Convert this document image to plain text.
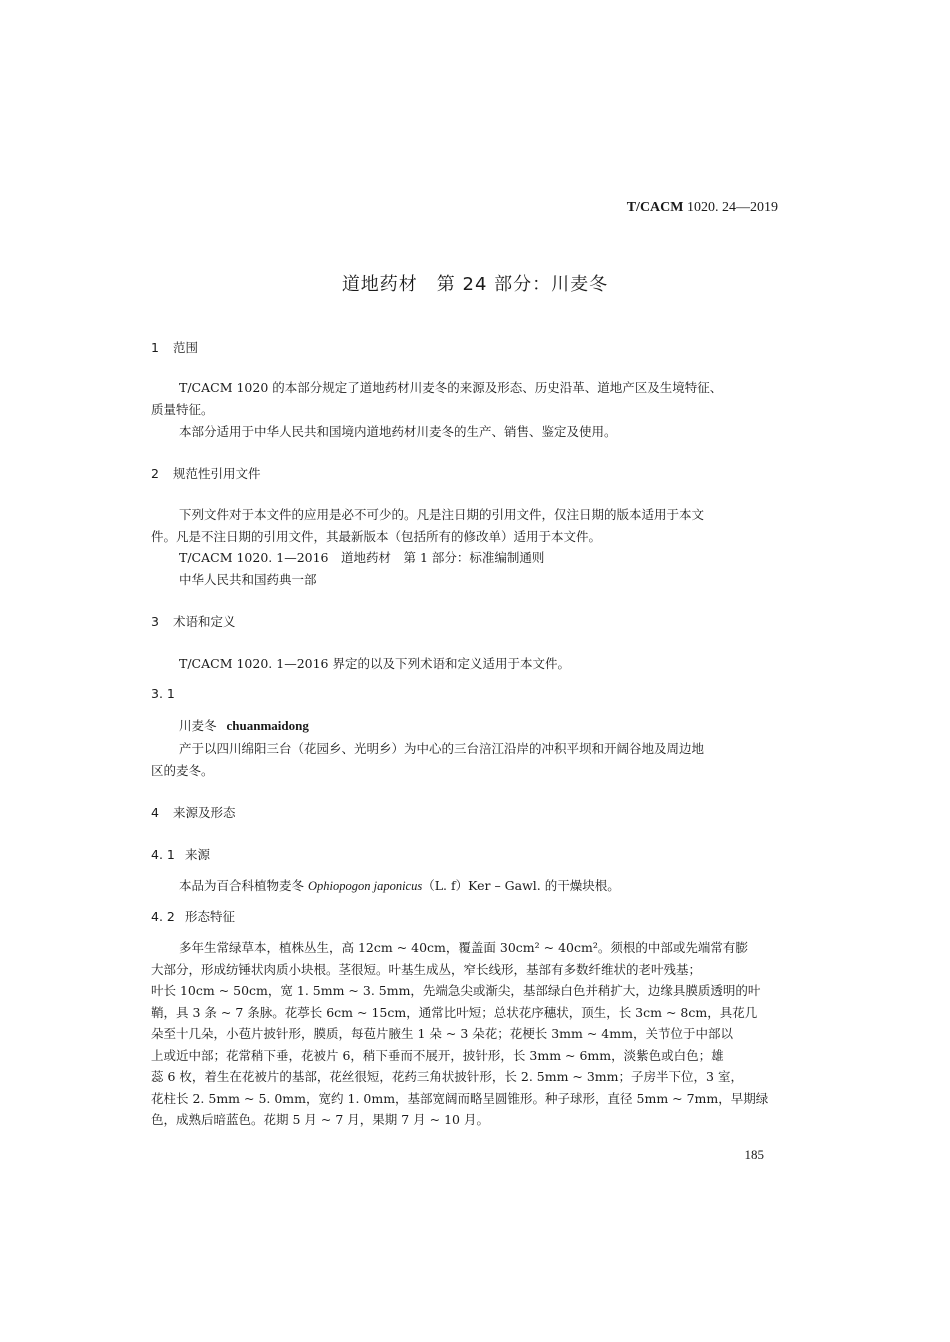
T/CACM 1020. 24—2019
道地药材　第 24 部分：川麦冬
1 范围
T/CACM 1020 的本部分规定了道地药材川麦冬的来源及形态、历史沿革、道地产区及生境特征、
质量特征。
本部分适用于中华人民共和国境内道地药材川麦冬的生产、销售、鉴定及使用。
2 规范性引用文件
下列文件对于本文件的应用是必不可少的。凡是注日期的引用文件，仅注日期的版本适用于本文
件。凡是不注日期的引用文件，其最新版本（包括所有的修改单）适用于本文件。
T/CACM 1020. 1—2016　道地药材　第 1 部分：标准编制通则
中华人民共和国药典一部
3 术语和定义
T/CACM 1020. 1—2016 界定的以及下列术语和定义适用于本文件。
3. 1
川麦冬 chuanmaidong
产于以四川绵阳三台（花园乡、光明乡）为中心的三台涪江沿岸的冲积平坝和开阔谷地及周边地
区的麦冬。
4 来源及形态
4. 1 来源
本品为百合科植物麦冬 Ophiopogon japonicus（L. f）Ker – Gawl. 的干燥块根。
4. 2 形态特征
多年生常绿草本，植株丛生，高 12cm ~ 40cm，覆盖面 30cm² ~ 40cm²。须根的中部或先端常有膨
大部分，形成纺锤状肉质小块根。茎很短。叶基生成丛，窄长线形，基部有多数纤维状的老叶残基；
叶长 10cm ~ 50cm，宽 1. 5mm ~ 3. 5mm，先端急尖或渐尖，基部绿白色并稍扩大，边缘具膜质透明的叶
鞘，具 3 条 ~ 7 条脉。花葶长 6cm ~ 15cm，通常比叶短；总状花序穗状，顶生，长 3cm ~ 8cm，具花几
朵至十几朵，小苞片披针形，膜质，每苞片腋生 1 朵 ~ 3 朵花；花梗长 3mm ~ 4mm，关节位于中部以
上或近中部；花常稍下垂，花被片 6，稍下垂而不展开，披针形，长 3mm ~ 6mm，淡紫色或白色；雄
蕊 6 枚，着生在花被片的基部，花丝很短，花药三角状披针形，长 2. 5mm ~ 3mm；子房半下位，3 室，
花柱长 2. 5mm ~ 5. 0mm，宽约 1. 0mm，基部宽阔而略呈圆锥形。种子球形，直径 5mm ~ 7mm，早期绿
色，成熟后暗蓝色。花期 5 月 ~ 7 月，果期 7 月 ~ 10 月。
185
